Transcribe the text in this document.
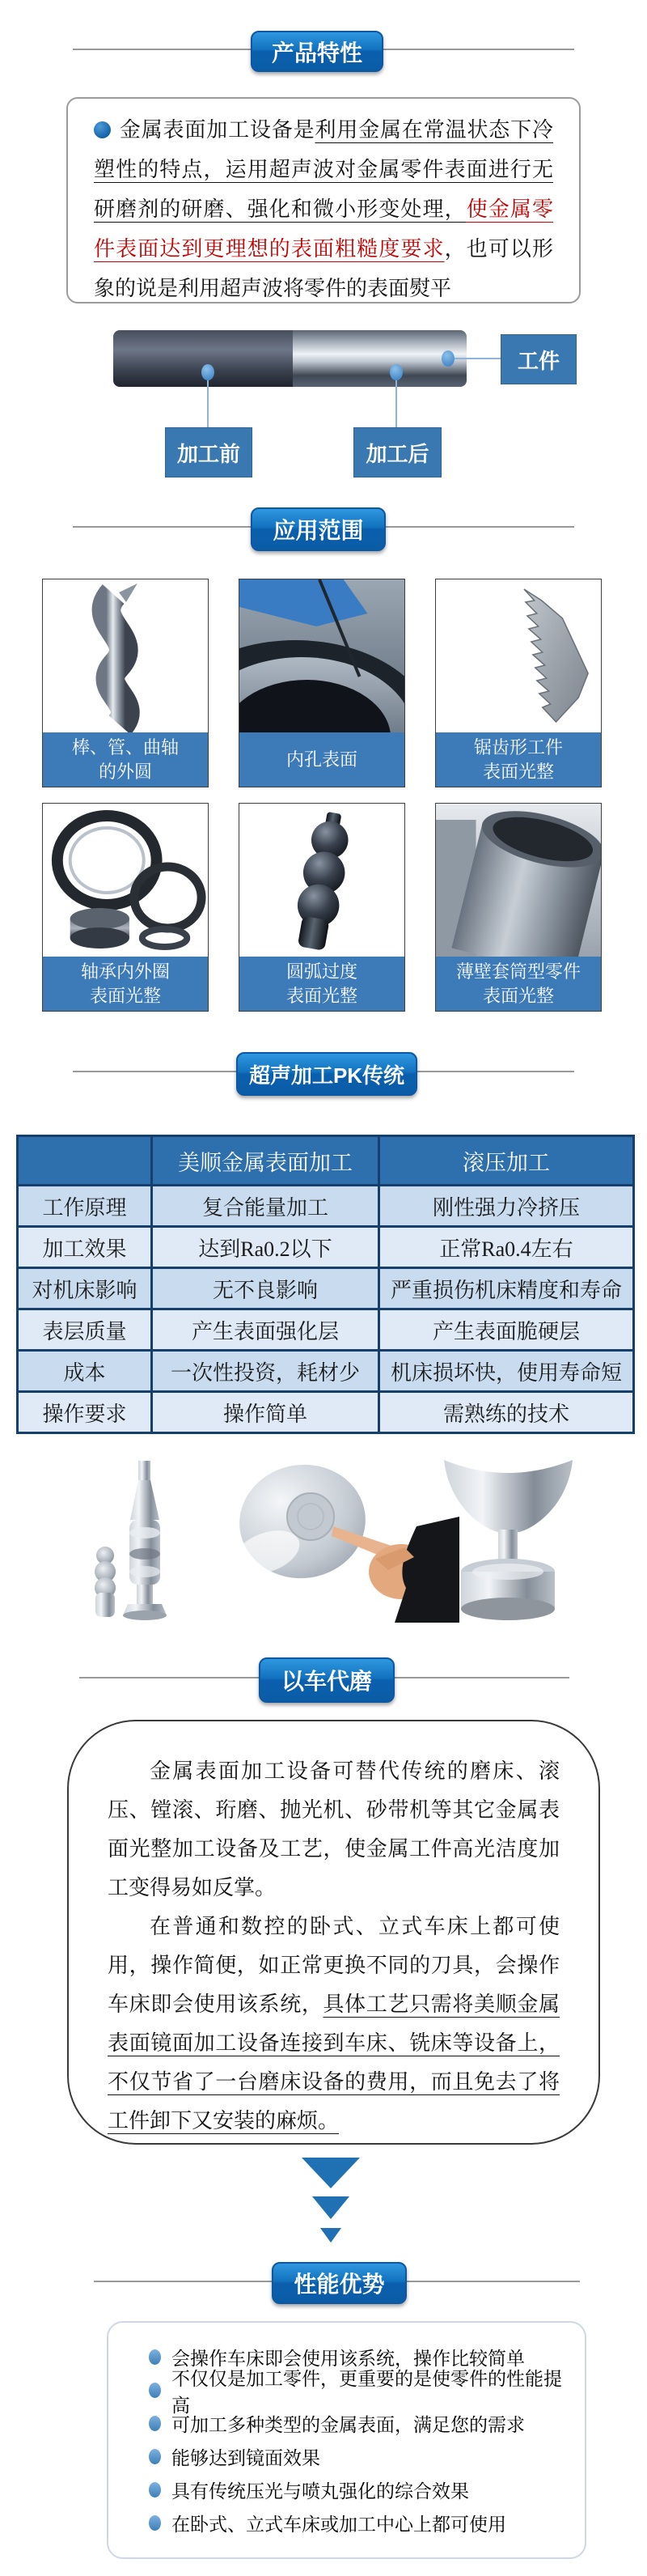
产品特性

金属表面加工设备是利用金属在常温状态下冷塑性的特点，运用超声波对金属零件表面进行无研磨剂的研磨、强化和微小形变处理，使金属零件表面达到更理想的表面粗糙度要求，也可以形象的说是利用超声波将零件的表面熨平

工件
加工前	加工后
应用范围
棒、管、曲轴
的外圆
内孔表面
锯齿形工件
表面光整
轴承内外圈
表面光整
圆弧过度
表面光整
薄壁套筒型零件
表面光整
超声加工PK传统
	美顺金属表面加工	滚压加工
工作原理	复合能量加工	刚性强力冷挤压
加工效果	达到Ra0.2以下	正常Ra0.4左右
对机床影响	无不良影响	严重损伤机床精度和寿命
表层质量	产生表面强化层	产生表面脆硬层
成本	一次性投资，耗材少	机床损坏快，使用寿命短
操作要求	操作简单	需熟练的技术
以车代磨

金属表面加工设备可替代传统的磨床、滚压、镗滚、珩磨、抛光机、砂带机等其它金属表面光整加工设备及工艺，使金属工件高光洁度加工变得易如反掌。

在普通和数控的卧式、立式车床上都可使用，操作简便，如正常更换不同的刀具，会操作车床即会使用该系统，具体工艺只需将美顺金属表面镜面加工设备连接到车床、铣床等设备上，不仅节省了一台磨床设备的费用，而且免去了将工件卸下又安装的麻烦。

性能优势
会操作车床即会使用该系统，操作比较简单
不仅仅是加工零件，更重要的是使零件的性能提高
可加工多种类型的金属表面，满足您的需求
能够达到镜面效果
具有传统压光与喷丸强化的综合效果
在卧式、立式车床或加工中心上都可使用
